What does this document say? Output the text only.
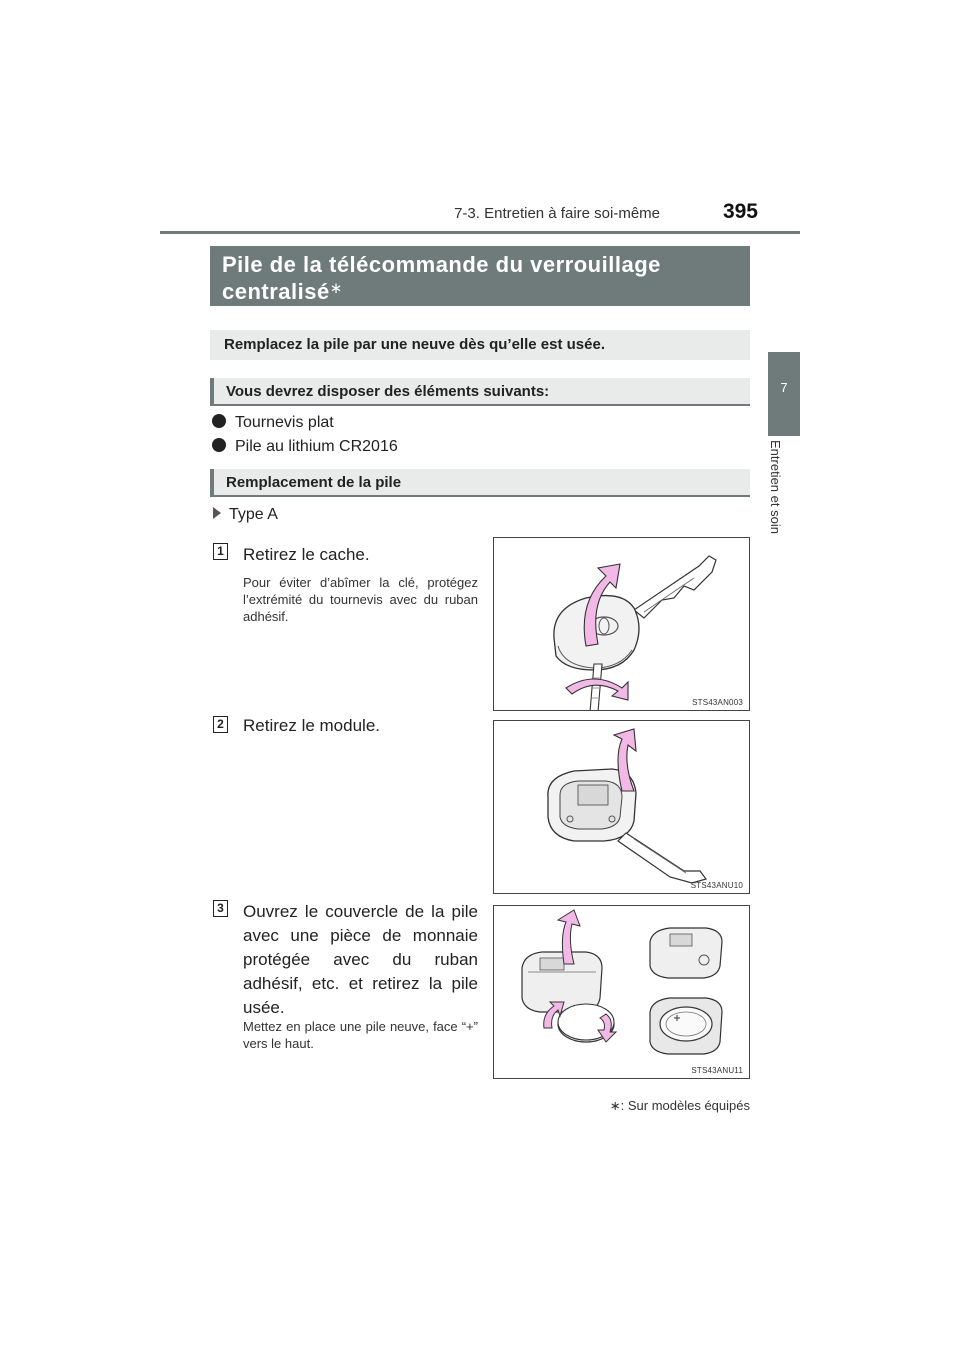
7-3. Entretien à faire soi-même	395
7
Entretien et soin
Pile de la télécommande du verrouillage centralisé∗
Remplacez la pile par une neuve dès qu’elle est usée.
Vous devrez disposer des éléments suivants:
Tournevis plat
Pile au lithium CR2016
Remplacement de la pile
Type A
1 Retirez le cache.
Pour éviter d’abîmer la clé, protégez l’extrémité du tournevis avec du ruban adhésif.
STS43AN003
2 Retirez le module.
STS43ANU10
3 Ouvrez le couvercle de la pile avec une pièce de monnaie protégée avec du ruban adhésif, etc. et retirez la pile usée.
Mettez en place une pile neuve, face “+” vers le haut.
STS43ANU11
∗: Sur modèles équipés
